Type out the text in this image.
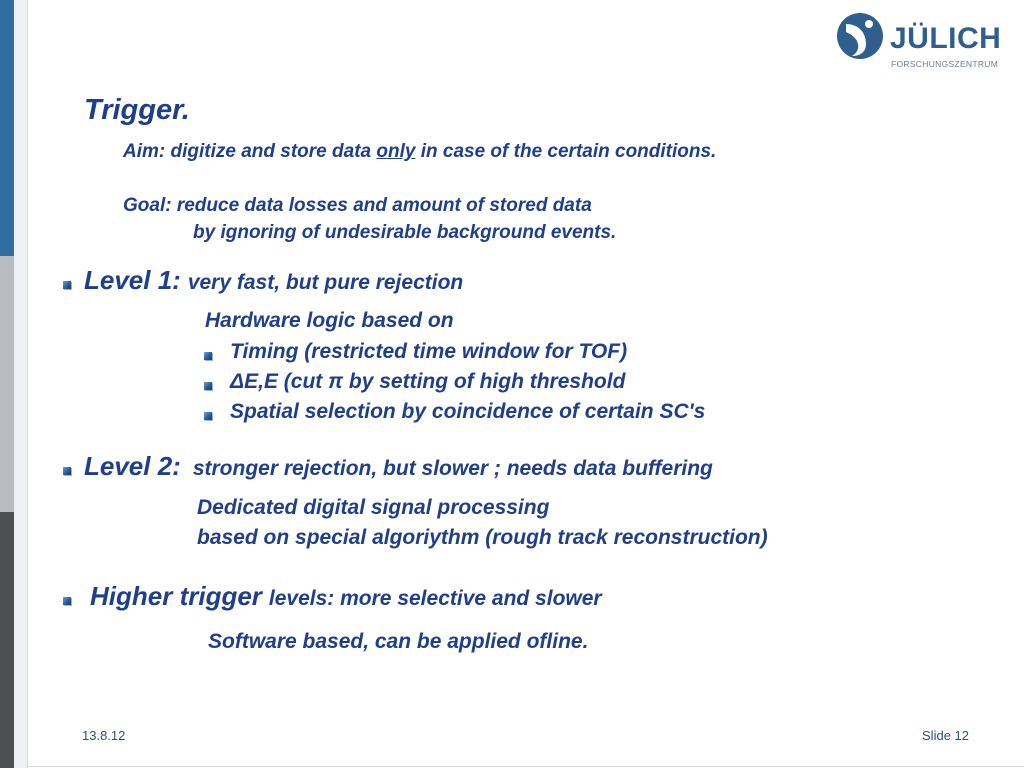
JÜLICH
FORSCHUNGSZENTRUM
Trigger.
Aim: digitize and store data only in case of the certain conditions.
Goal: reduce data losses and amount of stored data
by ignoring of undesirable background events.
Level 1: very fast, but pure rejection
Hardware logic based on
Timing (restricted time window for TOF)
ΔE,E (cut π by setting of high threshold
Spatial selection by coincidence of certain SC's
Level 2: stronger rejection, but slower ; needs data buffering
Dedicated digital signal processing
based on special algoriythm (rough track reconstruction)
Higher trigger levels: more selective and slower
Software based, can be applied ofline.
13.8.12	Slide 12
